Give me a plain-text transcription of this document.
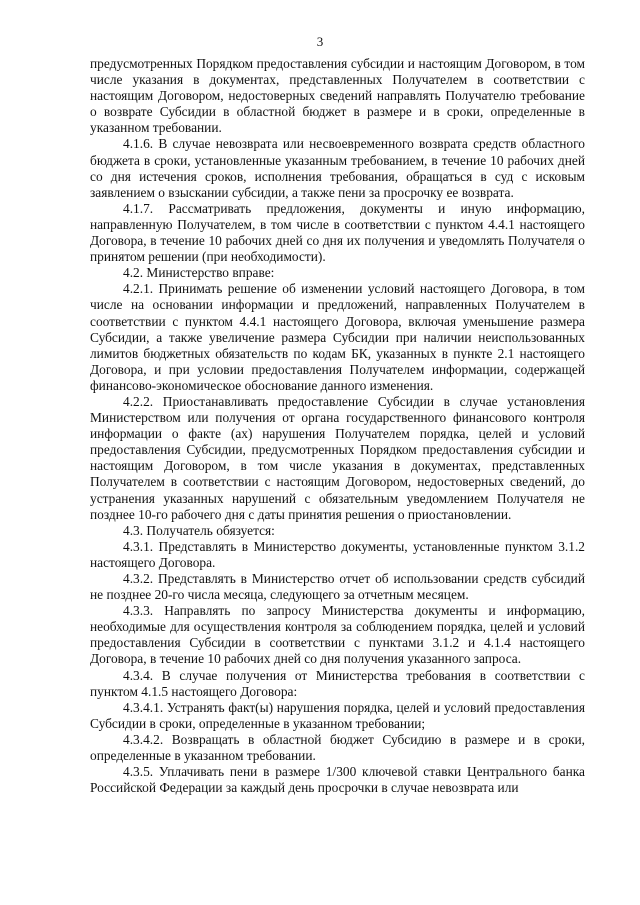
3

предусмотренных Порядком предоставления субсидии и настоящим Договором, в том числе указания в документах, представленных Получателем в соответствии с настоящим Договором, недостоверных сведений направлять Получателю требование о возврате Субсидии в областной бюджет в размере и в сроки, определенные в указанном требовании.

4.1.6. В случае невозврата или несвоевременного возврата средств областного бюджета в сроки, установленные указанным требованием, в течение 10 рабочих дней со дня истечения сроков, исполнения требования, обращаться в суд с исковым заявлением о взыскании субсидии, а также пени за просрочку ее возврата.

4.1.7. Рассматривать предложения, документы и иную информацию, направленную Получателем, в том числе в соответствии с пунктом 4.4.1 настоящего Договора, в течение 10 рабочих дней со дня их получения и уведомлять Получателя о принятом решении (при необходимости).

4.2. Министерство вправе:

4.2.1. Принимать решение об изменении условий настоящего Договора, в том числе на основании информации и предложений, направленных Получателем в соответствии с пунктом 4.4.1 настоящего Договора, включая уменьшение размера Субсидии, а также увеличение размера Субсидии при наличии неиспользованных лимитов бюджетных обязательств по кодам БК, указанных в пункте 2.1 настоящего Договора, и при условии предоставления Получателем информации, содержащей финансово-экономическое обоснование данного изменения.

4.2.2. Приостанавливать предоставление Субсидии в случае установления Министерством или получения от органа государственного финансового контроля информации о факте (ах) нарушения Получателем порядка, целей и условий предоставления Субсидии, предусмотренных Порядком предоставления субсидии и настоящим Договором, в том числе указания в документах, представленных Получателем в соответствии с настоящим Договором, недостоверных сведений, до устранения указанных нарушений с обязательным уведомлением Получателя не позднее 10-го рабочего дня с даты принятия решения о приостановлении.

4.3. Получатель обязуется:

4.3.1. Представлять в Министерство документы, установленные пунктом 3.1.2 настоящего Договора.

4.3.2. Представлять в Министерство отчет об использовании средств субсидий не позднее 20-го числа месяца, следующего за отчетным месяцем.

4.3.3. Направлять по запросу Министерства документы и информацию, необходимые для осуществления контроля за соблюдением порядка, целей и условий предоставления Субсидии в соответствии с пунктами 3.1.2 и 4.1.4 настоящего Договора, в течение 10 рабочих дней со дня получения указанного запроса.

4.3.4. В случае получения от Министерства требования в соответствии с пунктом 4.1.5 настоящего Договора:

4.3.4.1. Устранять факт(ы) нарушения порядка, целей и условий предоставления Субсидии в сроки, определенные в указанном требовании;

4.3.4.2. Возвращать в областной бюджет Субсидию в размере и в сроки, определенные в указанном требовании.

4.3.5. Уплачивать пени в размере 1/300 ключевой ставки Центрального банка Российской Федерации за каждый день просрочки в случае невозврата или
